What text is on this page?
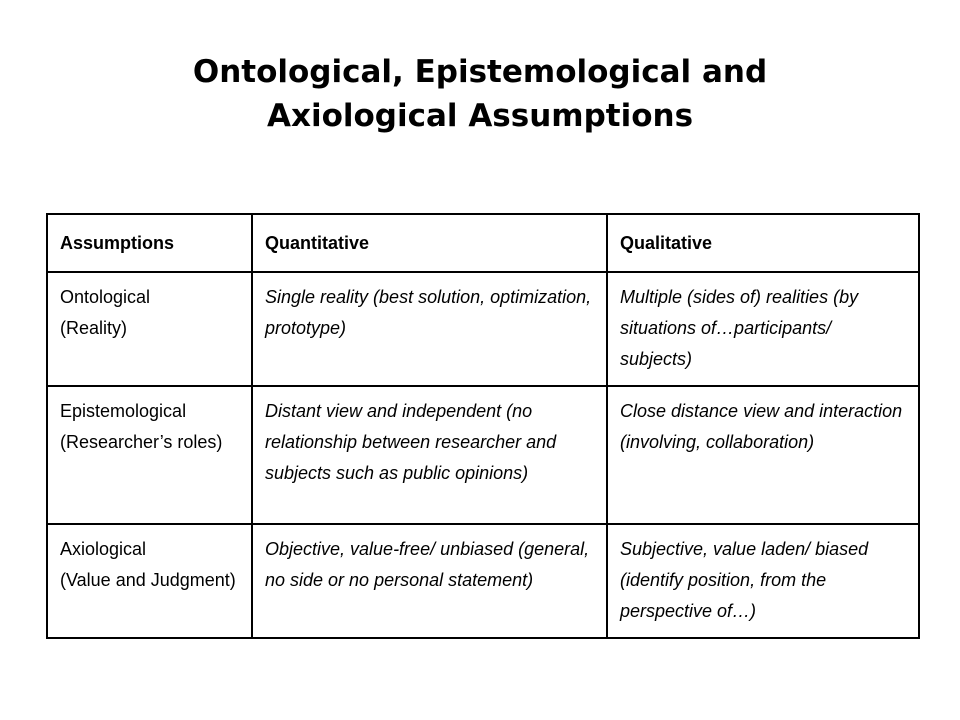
Ontological, Epistemological and
Axiological Assumptions
Assumptions	Quantitative	Qualitative

Ontological
(Reality)	Single reality (best solution, optimization, prototype)	Multiple (sides of) realities (by situations of…participants/ subjects)

Epistemological
(Researcher’s roles)	Distant view and independent (no relationship between researcher and subjects such as public opinions)	Close distance view and interaction (involving, collaboration)

Axiological
(Value and Judgment)	Objective, value-free/ unbiased (general, no side or no personal statement)	Subjective, value laden/ biased (identify position, from the perspective of…)
